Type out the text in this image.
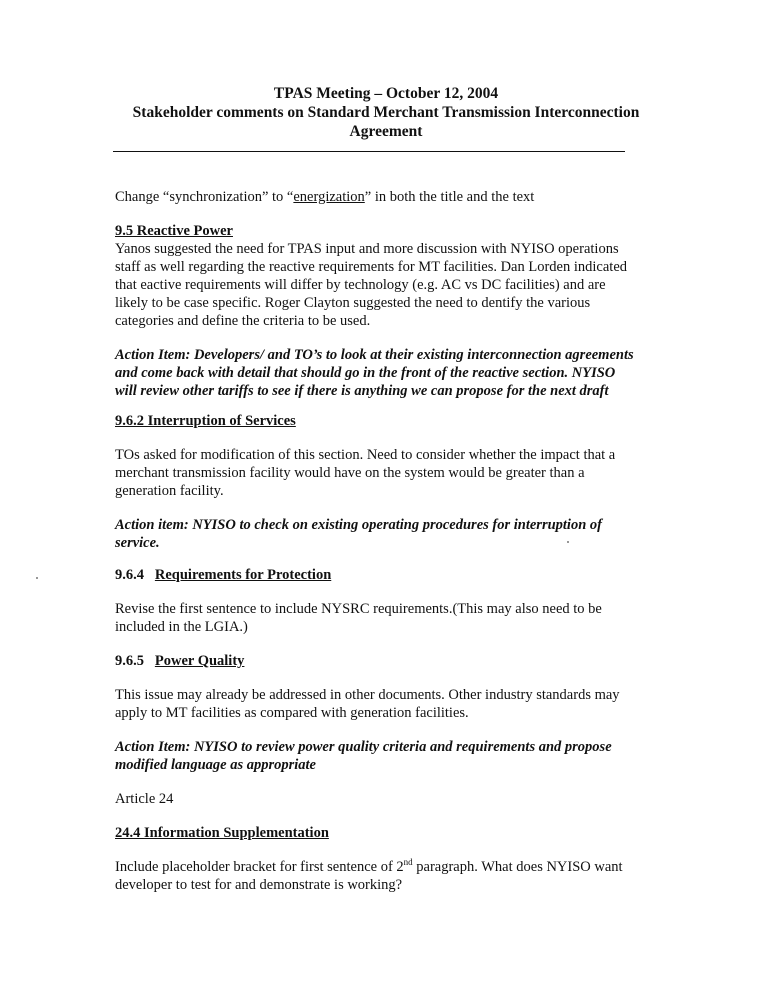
TPAS Meeting – October 12, 2004
Stakeholder comments on Standard Merchant Transmission Interconnection
Agreement

Change “synchronization” to “energization” in both the title and the text

9.5 Reactive Power

Yanos suggested the need for TPAS input and more discussion with NYISO operations staff as well regarding the reactive requirements for MT facilities. Dan Lorden indicated that eactive requirements will differ by technology (e.g. AC vs DC facilities) and are likely to be case specific. Roger Clayton suggested the need to dentify the various categories and define the criteria to be used.

Action Item: Developers/ and TO’s to look at their existing interconnection agreements and come back with detail that should go in the front of the reactive section. NYISO will review other tariffs to see if there is anything we can propose for the next draft

9.6.2 Interruption of Services

TOs asked for modification of this section. Need to consider whether the impact that a merchant transmission facility would have on the system would be greater than a generation facility.

Action item: NYISO to check on existing operating procedures for interruption of service.

9.6.4 Requirements for Protection

Revise the first sentence to include NYSRC requirements.(This may also need to be included in the LGIA.)

9.6.5 Power Quality

This issue may already be addressed in other documents. Other industry standards may apply to MT facilities as compared with generation facilities.

Action Item: NYISO to review power quality criteria and requirements and propose modified language as appropriate

Article 24

24.4 Information Supplementation

Include placeholder bracket for first sentence of 2nd paragraph. What does NYISO want developer to test for and demonstrate is working?
